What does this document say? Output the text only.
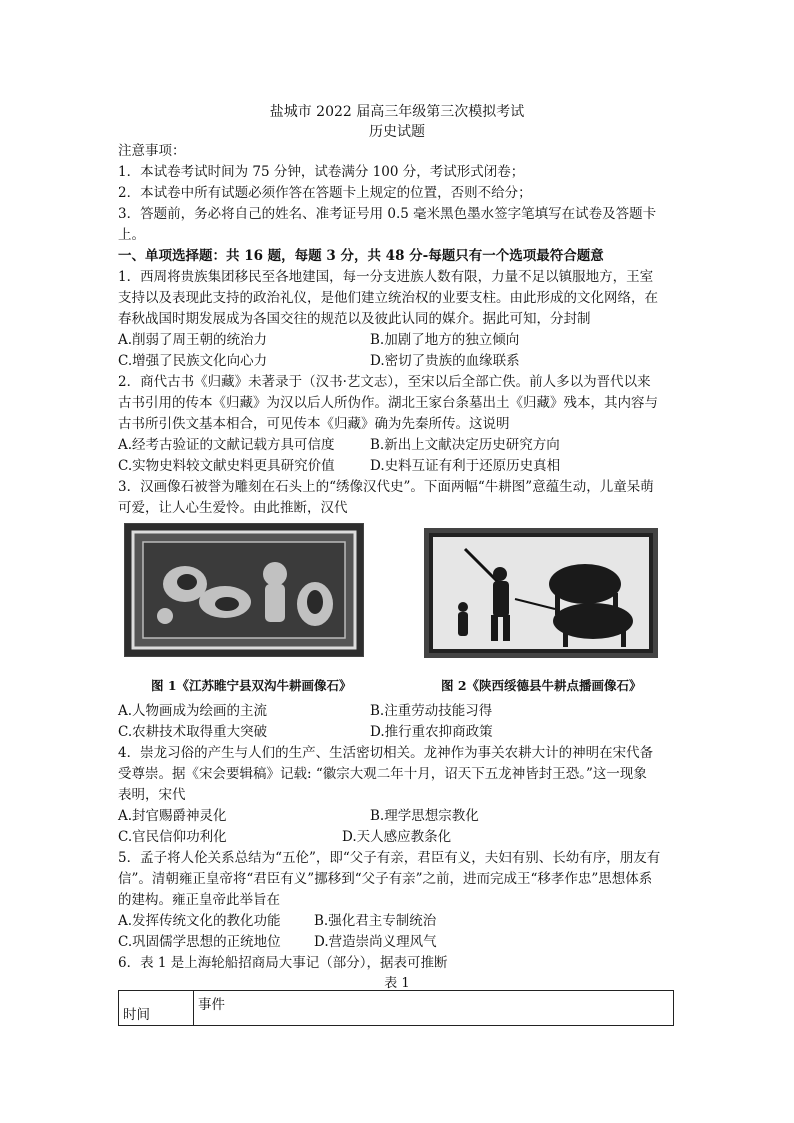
盐城市 2022 届高三年级第三次模拟考试
历史试题
注意事项：
1．本试卷考试时间为 75 分钟，试卷满分 100 分，考试形式闭卷；
2．本试卷中所有试题必须作答在答题卡上规定的位置，否则不给分；
3．答题前，务必将自己的姓名、准考证号用 0.5 毫米黑色墨水签字笔填写在试卷及答题卡
上。
一、单项选择题：共 16 题，每题 3 分，共 48 分-每题只有一个选项最符合题意
1．西周将贵族集团移民至各地建国，每一分支进族人数有限，力量不足以镇服地方，王室
支持以及表现此支持的政治礼仪，是他们建立统治权的业要支柱。由此形成的文化网络，在
春秋战国时期发展成为各国交往的规范以及彼此认同的媒介。据此可知，分封制
A.削弱了周王朝的统治力	B.加剧了地方的独立倾向
C.增强了民族文化向心力	D.密切了贵族的血缘联系
2．商代古书《归藏》未著录于（汉书·艺文志），至宋以后全部亡佚。前人多以为晋代以来
古书引用的传本《归藏》为汉以后人所伪作。湖北王家台条墓出土《归藏》残本，其内容与
古书所引佚文基本相合，可见传本《归藏》确为先秦所传。这说明
A.经考古验证的文献记载方具可信度	B.新出上文献决定历史研究方向
C.实物史料较文献史料更具研究价值	D.史料互证有利于还原历史真相
3．汉画像石被誉为雕刻在石头上的“绣像汉代史”。下面两幅“牛耕图”意蕴生动，儿童呆萌
可爱，让人心生爱怜。由此推断，汉代
图 1《江苏睢宁县双沟牛耕画像石》	图 2《陕西绥德县牛耕点播画像石》
A.人物画成为绘画的主流	B.注重劳动技能习得
C.农耕技术取得重大突破	D.推行重农抑商政策
4．崇龙习俗的产生与人们的生产、生活密切相关。龙神作为事关农耕大计的神明在宋代备
受尊崇。据《宋会要辑稿》记载: “徽宗大观二年十月，诏天下五龙神皆封王恐。”这一现象
表明，宋代
A.封官赐爵神灵化	B.理学思想宗教化
C.官民信仰功利化	D.天人感应教条化
5．孟子将人伦关系总结为“五伦”，即“父子有亲，君臣有义，夫妇有别、长幼有序，朋友有
信”。清朝雍正皇帝将“君臣有义”挪移到“父子有亲”之前，进而完成王“移孝作忠”思想体系
的建构。雍正皇帝此举旨在
A.发挥传统文化的教化功能 B.强化君主专制统治
C.巩固儒学思想的正统地位 D.营造崇尚义理风气
6．表 1 是上海轮船招商局大事记（部分），据表可推断
表 1
时间	事件
